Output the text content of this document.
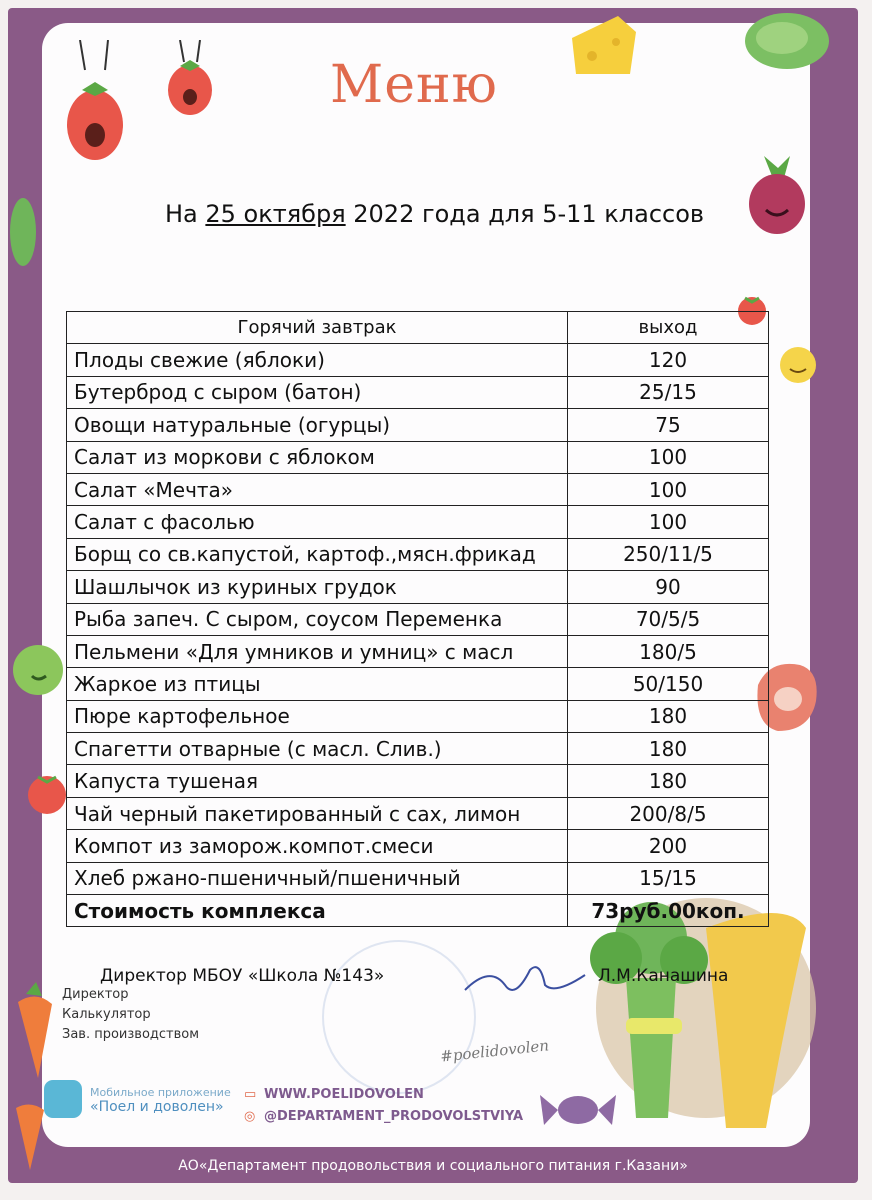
АО«Департамент продовольствия и социального питания г.Казани»
Меню
На 25 октября 2022 года для 5-11 классов
Горячий завтрак	выход
Плоды свежие (яблоки)	120
Бутерброд с сыром (батон)	25/15
Овощи натуральные (огурцы)	75
Салат из моркови с яблоком	100
Салат «Мечта»	100
Салат с фасолью	100
Борщ со св.капустой, картоф.,мясн.фрикад	250/11/5
Шашлычок из куриных грудок	90
Рыба запеч. С сыром, соусом Переменка	70/5/5
Пельмени «Для умников и умниц» с масл	180/5
Жаркое из птицы	50/150
Пюре картофельное	180
Спагетти отварные (с масл. Слив.)	180
Капуста тушеная	180
Чай черный пакетированный с сах, лимон	200/8/5
Компот из заморож.компот.смеси	200
Хлеб ржано-пшеничный/пшеничный	15/15
Стоимость комплекса	73руб.00коп.
Директор МБОУ «Школа №143»	Л.М.Канашина
Директор
Калькулятор
Зав. производством
#poelidovolen
Мобильное приложение
«Поел и доволен»
▭ WWW.POELIDOVOLEN
◎ @DEPARTAMENT_PRODOVOLSTVIYA
